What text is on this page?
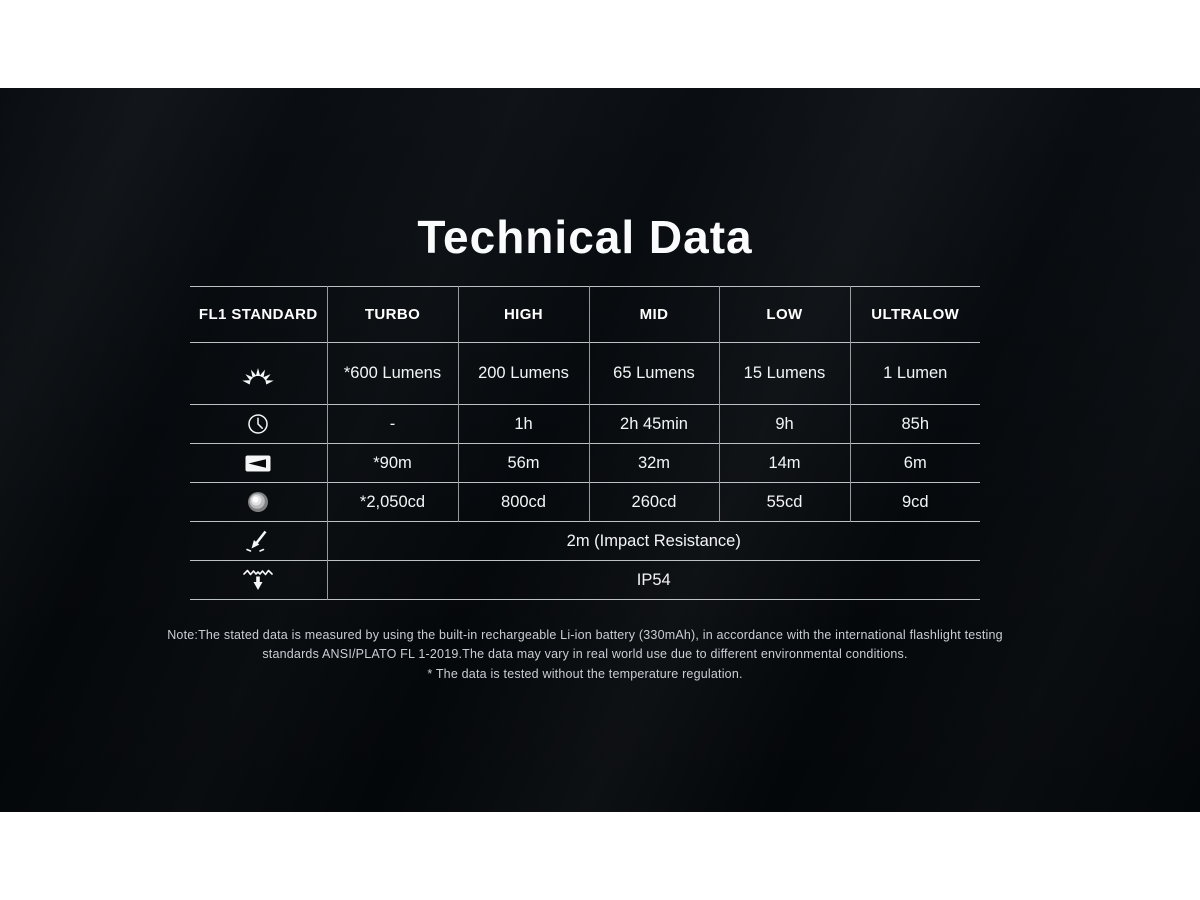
Technical Data
FL1 STANDARD	TURBO	HIGH	MID	LOW	ULTRALOW

	*600 Lumens	200 Lumens	65 Lumens	15 Lumens	1 Lumen

	-	1h	2h 45min	9h	85h

	*90m	56m	32m	14m	6m

	*2,050cd	800cd	260cd	55cd	9cd

	2m (Impact Resistance)				

	IP54				
Note:The stated data is measured by using the built-in rechargeable Li-ion battery (330mAh), in accordance with the international flashlight testing
standards ANSI/PLATO FL 1-2019.The data may vary in real world use due to different environmental conditions.
* The data is tested without the temperature regulation.
